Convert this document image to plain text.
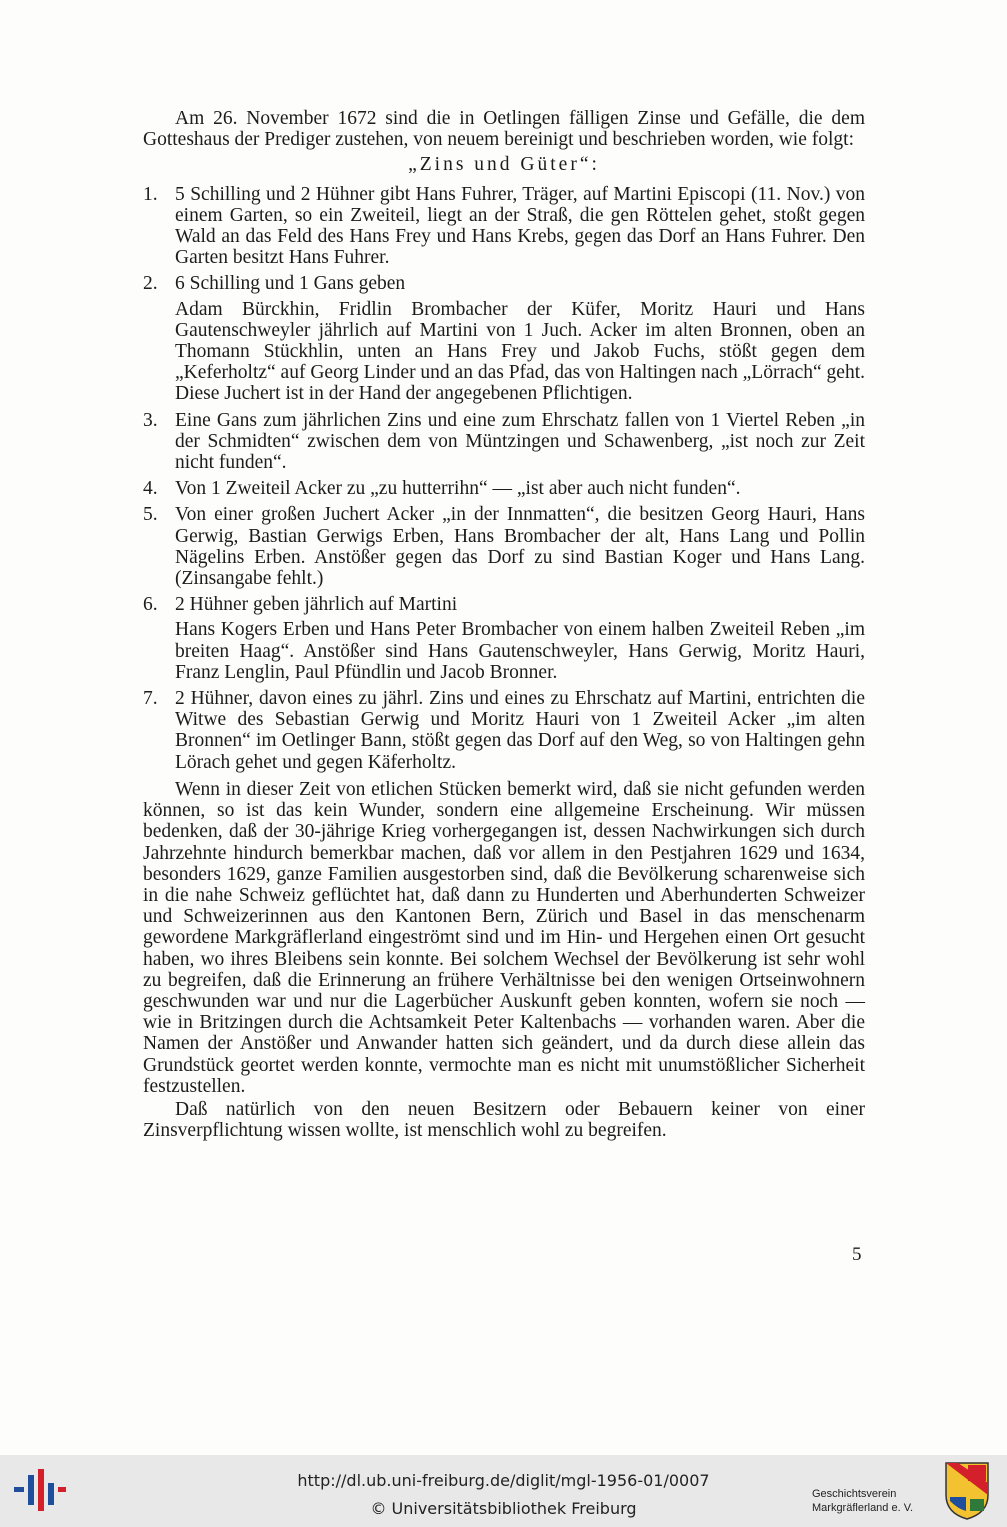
Am 26. November 1672 sind die in Oetlingen fälligen Zinse und Gefälle, die dem Gotteshaus der Prediger zustehen, von neuem bereinigt und beschrieben worden, wie folgt:

„Zins und Güter“:

1. 5 Schilling und 2 Hühner gibt Hans Fuhrer, Träger, auf Martini Episcopi (11. Nov.) von einem Garten, so ein Zweiteil, liegt an der Straß, die gen Röttelen gehet, stoßt gegen Wald an das Feld des Hans Frey und Hans Krebs, gegen das Dorf an Hans Fuhrer. Den Garten besitzt Hans Fuhrer.

2. 6 Schilling und 1 Gans geben

Adam Bürckhin, Fridlin Brombacher der Küfer, Moritz Hauri und Hans Gautenschweyler jährlich auf Martini von 1 Juch. Acker im alten Bronnen, oben an Thomann Stückhlin, unten an Hans Frey und Jakob Fuchs, stößt gegen dem „Keferholtz“ auf Georg Linder und an das Pfad, das von Haltingen nach „Lörrach“ geht. Diese Juchert ist in der Hand der angegebenen Pflichtigen.

3. Eine Gans zum jährlichen Zins und eine zum Ehrschatz fallen von 1 Viertel Reben „in der Schmidten“ zwischen dem von Müntzingen und Schawenberg, „ist noch zur Zeit nicht funden“.

4. Von 1 Zweiteil Acker zu „zu hutterrihn“ — „ist aber auch nicht funden“.

5. Von einer großen Juchert Acker „in der Innmatten“, die besitzen Georg Hauri, Hans Gerwig, Bastian Gerwigs Erben, Hans Brombacher der alt, Hans Lang und Pollin Nägelins Erben. Anstößer gegen das Dorf zu sind Bastian Koger und Hans Lang. (Zinsangabe fehlt.)

6. 2 Hühner geben jährlich auf Martini

Hans Kogers Erben und Hans Peter Brombacher von einem halben Zweiteil Reben „im breiten Haag“. Anstößer sind Hans Gautenschweyler, Hans Gerwig, Moritz Hauri, Franz Lenglin, Paul Pfündlin und Jacob Bronner.

7. 2 Hühner, davon eines zu jährl. Zins und eines zu Ehrschatz auf Martini, entrichten die Witwe des Sebastian Gerwig und Moritz Hauri von 1 Zweiteil Acker „im alten Bronnen“ im Oetlinger Bann, stößt gegen das Dorf auf den Weg, so von Haltingen gehn Lörach gehet und gegen Käferholtz.

Wenn in dieser Zeit von etlichen Stücken bemerkt wird, daß sie nicht gefunden werden können, so ist das kein Wunder, sondern eine allgemeine Erscheinung. Wir müssen bedenken, daß der 30-jährige Krieg vorhergegangen ist, dessen Nachwirkungen sich durch Jahrzehnte hindurch bemerkbar machen, daß vor allem in den Pestjahren 1629 und 1634, besonders 1629, ganze Familien ausgestorben sind, daß die Bevölkerung scharenweise sich in die nahe Schweiz geflüchtet hat, daß dann zu Hunderten und Aberhunderten Schweizer und Schweizerinnen aus den Kantonen Bern, Zürich und Basel in das menschenarm gewordene Markgräflerland eingeströmt sind und im Hin- und Hergehen einen Ort gesucht haben, wo ihres Bleibens sein konnte. Bei solchem Wechsel der Bevölkerung ist sehr wohl zu begreifen, daß die Erinnerung an frühere Verhältnisse bei den wenigen Ortseinwohnern geschwunden war und nur die Lagerbücher Auskunft geben konnten, wofern sie noch — wie in Britzingen durch die Achtsamkeit Peter Kaltenbachs — vorhanden waren. Aber die Namen der Anstößer und Anwander hatten sich geändert, und da durch diese allein das Grundstück geortet werden konnte, vermochte man es nicht mit unumstößlicher Sicherheit festzustellen.

Daß natürlich von den neuen Besitzern oder Bebauern keiner von einer Zinsverpflichtung wissen wollte, ist menschlich wohl zu begreifen.

5
http://dl.ub.uni-freiburg.de/diglit/mgl-1956-01/0007
© Universitätsbibliothek Freiburg
Geschichtsverein
Markgräflerland e. V.
